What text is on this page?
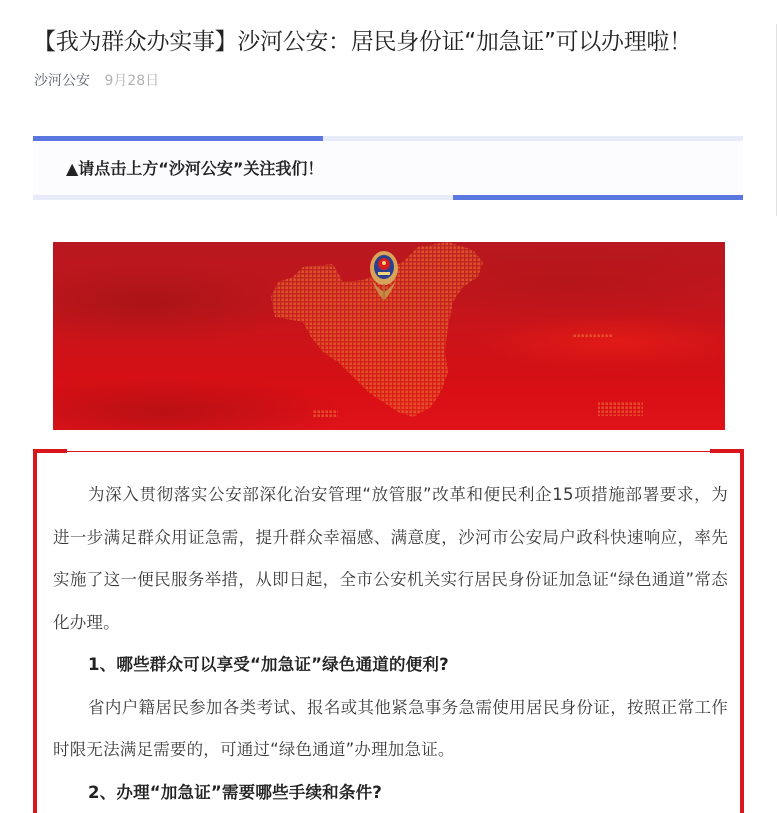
【我为群众办实事】沙河公安：居民身份证“加急证”可以办理啦！
沙河公安 9月28日
▲请点击上方“沙河公安”关注我们！

为深入贯彻落实公安部深化治安管理“放管服”改革和便民利企15项措施部署要求，为进一步满足群众用证急需，提升群众幸福感、满意度，沙河市公安局户政科快速响应，率先实施了这一便民服务举措，从即日起，全市公安机关实行居民身份证加急证“绿色通道”常态化办理。

1、哪些群众可以享受“加急证”绿色通道的便利?

省内户籍居民参加各类考试、报名或其他紧急事务急需使用居民身份证，按照正常工作时限无法满足需要的，可通过“绿色通道”办理加急证。

2、办理“加急证”需要哪些手续和条件?
